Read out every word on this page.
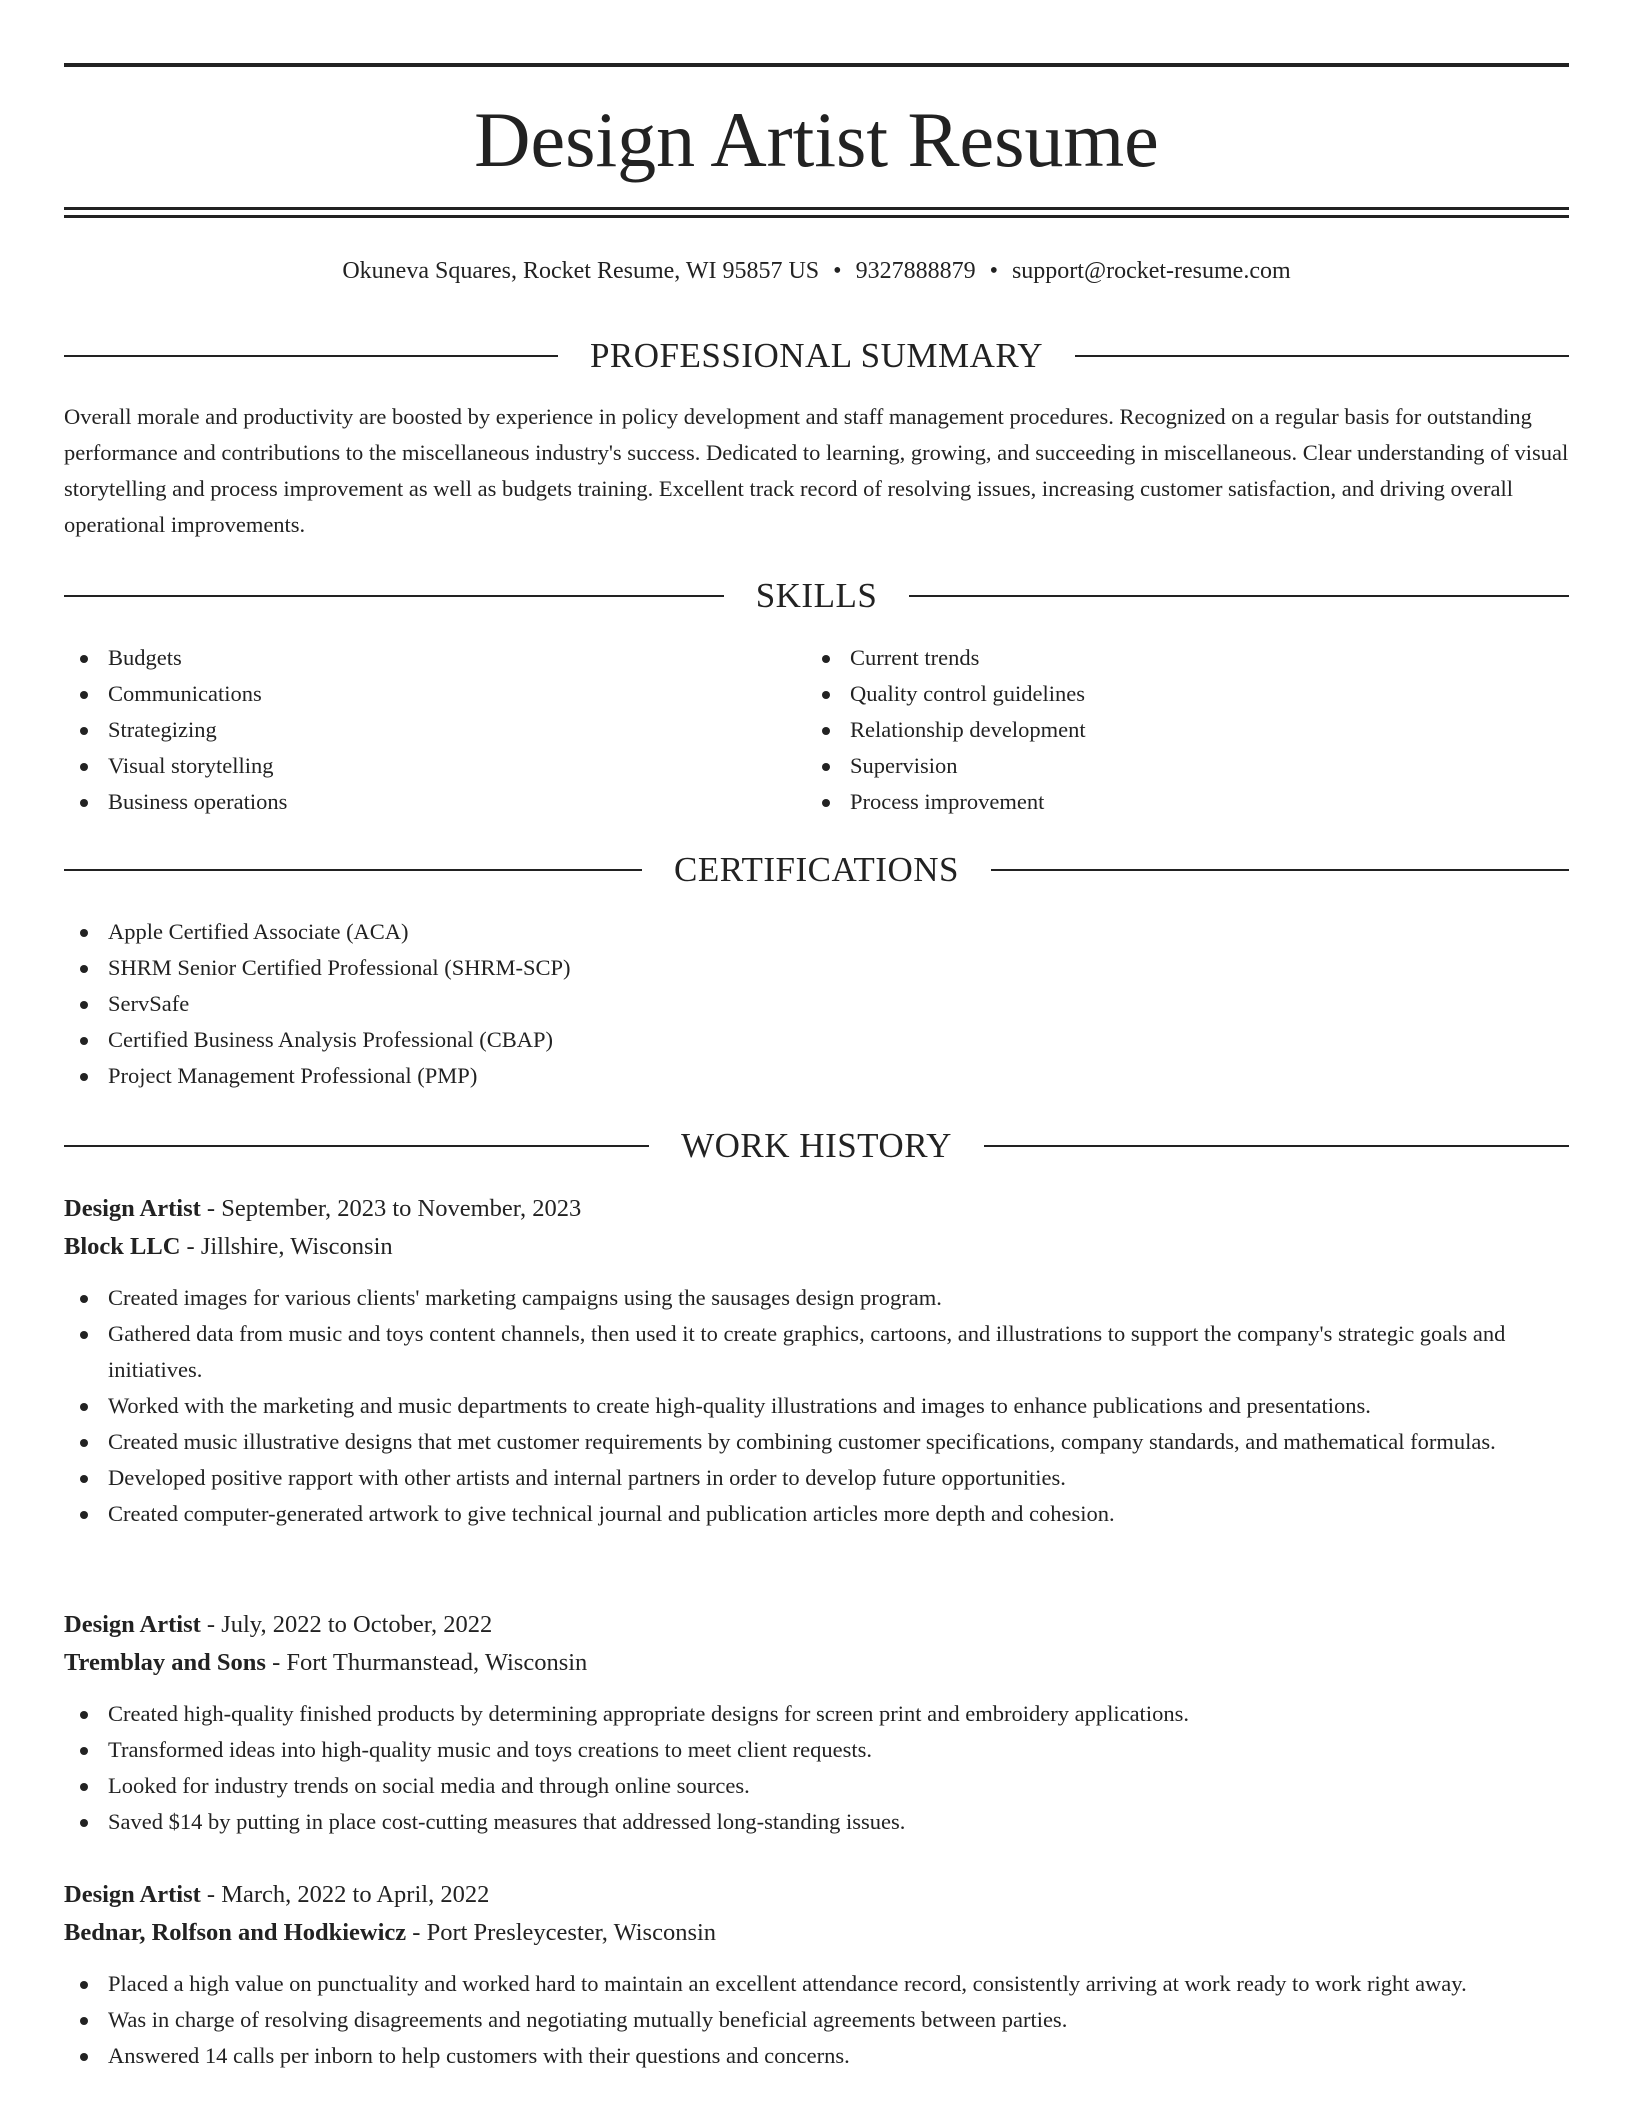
Design Artist Resume
Okuneva Squares, Rocket Resume, WI 95857 US • 9327888879 • support@rocket-resume.com
PROFESSIONAL SUMMARY

Overall morale and productivity are boosted by experience in policy development and staff management procedures. Recognized on a regular basis for outstanding performance and contributions to the miscellaneous industry's success. Dedicated to learning, growing, and succeeding in miscellaneous. Clear understanding of visual storytelling and process improvement as well as budgets training. Excellent track record of resolving issues, increasing customer satisfaction, and driving overall operational improvements.

SKILLS
Budgets
Communications
Strategizing
Visual storytelling
Business operations
Current trends
Quality control guidelines
Relationship development
Supervision
Process improvement
CERTIFICATIONS
Apple Certified Associate (ACA)
SHRM Senior Certified Professional (SHRM-SCP)
ServSafe
Certified Business Analysis Professional (CBAP)
Project Management Professional (PMP)
WORK HISTORY
Design Artist - September, 2023 to November, 2023
Block LLC - Jillshire, Wisconsin
Created images for various clients' marketing campaigns using the sausages design program.
Gathered data from music and toys content channels, then used it to create graphics, cartoons, and illustrations to support the company's strategic goals and initiatives.
Worked with the marketing and music departments to create high-quality illustrations and images to enhance publications and presentations.
Created music illustrative designs that met customer requirements by combining customer specifications, company standards, and mathematical formulas.
Developed positive rapport with other artists and internal partners in order to develop future opportunities.
Created computer-generated artwork to give technical journal and publication articles more depth and cohesion.
Design Artist - July, 2022 to October, 2022
Tremblay and Sons - Fort Thurmanstead, Wisconsin
Created high-quality finished products by determining appropriate designs for screen print and embroidery applications.
Transformed ideas into high-quality music and toys creations to meet client requests.
Looked for industry trends on social media and through online sources.
Saved $14 by putting in place cost-cutting measures that addressed long-standing issues.
Design Artist - March, 2022 to April, 2022
Bednar, Rolfson and Hodkiewicz - Port Presleycester, Wisconsin
Placed a high value on punctuality and worked hard to maintain an excellent attendance record, consistently arriving at work ready to work right away.
Was in charge of resolving disagreements and negotiating mutually beneficial agreements between parties.
Answered 14 calls per inborn to help customers with their questions and concerns.
